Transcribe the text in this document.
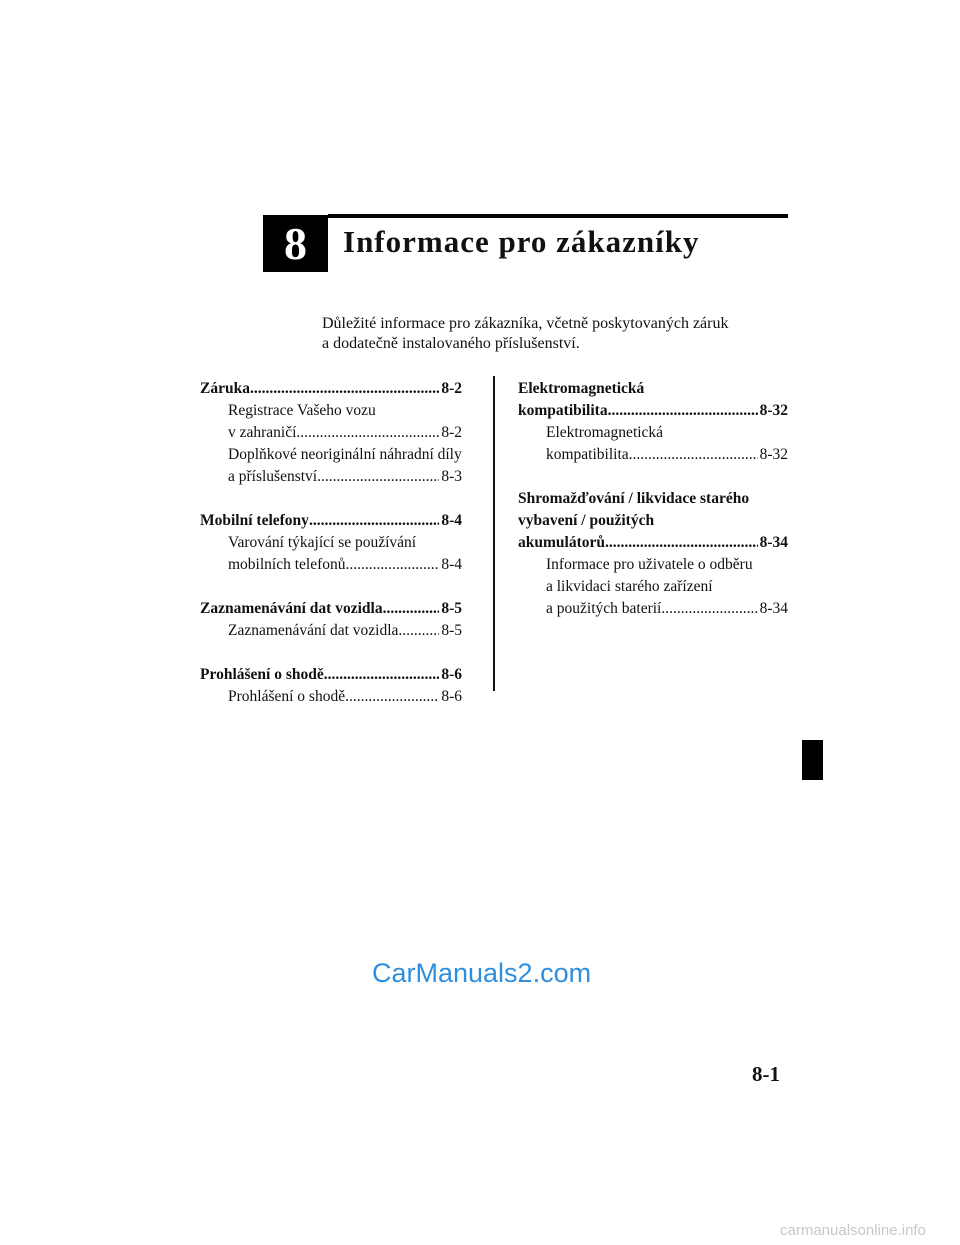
8	Informace pro zákazníky

Důležité informace pro zákazníka, včetně poskytovaných záruk

a dodatečně instalovaného příslušenství.

Záruka .....	8-2
Registrace Vašeho vozu
v zahraničí .....	8-2
Doplňkové neoriginální náhradní díly
a příslušenství .....	8-3
Mobilní telefony .....	8-4
Varování týkající se používání
mobilních telefonů .....	8-4
Zaznamenávání dat vozidla .....	8-5
Zaznamenávání dat vozidla .....	8-5
Prohlášení o shodě .....	8-6
Prohlášení o shodě .....	8-6
Elektromagnetická
kompatibilita .....	8-32
Elektromagnetická
kompatibilita .....	8-32
Shromažďování / likvidace starého
vybavení / použitých
akumulátorů .....	8-34
Informace pro uživatele o odběru
a likvidaci starého zařízení
a použitých baterií .....	8-34
CarManuals2.com
8-1
carmanualsonline.info
